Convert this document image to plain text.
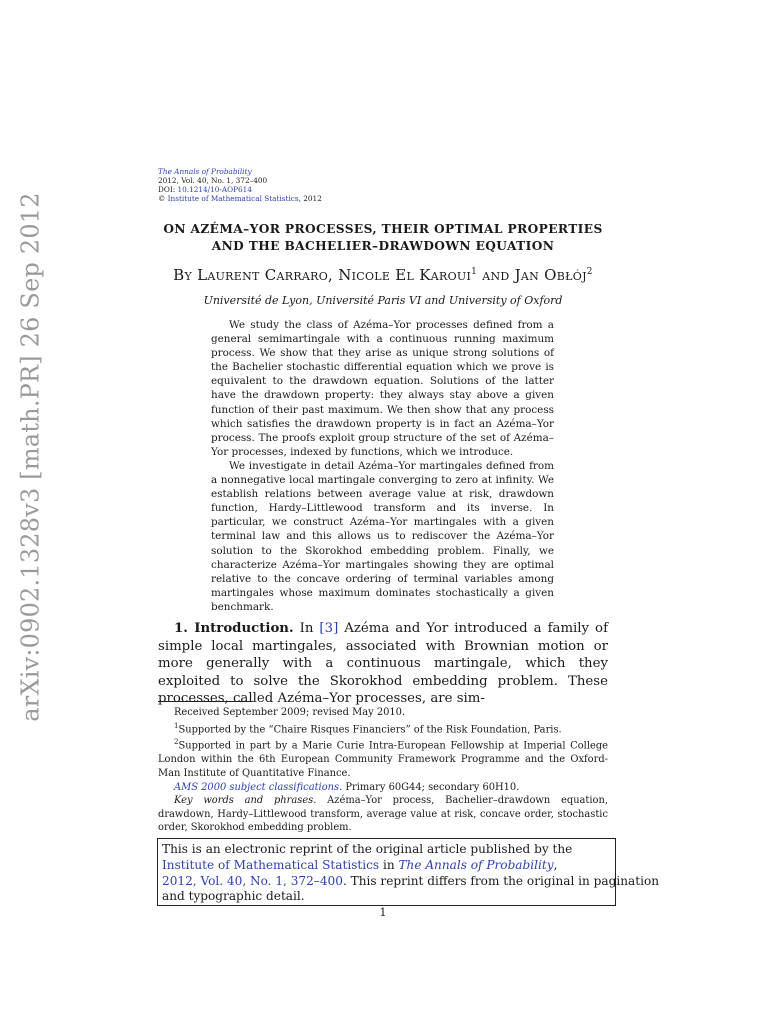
arXiv:0902.1328v3 [math.PR] 26 Sep 2012
The Annals of Probability
2012, Vol. 40, No. 1, 372–400
DOI: 10.1214/10-AOP614
© Institute of Mathematical Statistics, 2012
ON AZÉMA–YOR PROCESSES, THEIR OPTIMAL PROPERTIES
AND THE BACHELIER–DRAWDOWN EQUATION
By Laurent Carraro, Nicole El Karoui$^1$ and Jan Obłój$^2$
Université de Lyon, Université Paris VI and University of Oxford

We study the class of Azéma–Yor processes defined from a general semimartingale with a continuous running maximum process. We show that they arise as unique strong solutions of the Bachelier stochastic differential equation which we prove is equivalent to the drawdown equation. Solutions of the latter have the drawdown property: they always stay above a given function of their past maximum. We then show that any process which satisfies the drawdown property is in fact an Azéma–Yor process. The proofs exploit group structure of the set of Azéma–Yor processes, indexed by functions, which we introduce.

We investigate in detail Azéma–Yor martingales defined from a nonnegative local martingale converging to zero at infinity. We establish relations between average value at risk, drawdown function, Hardy–Littlewood transform and its inverse. In particular, we construct Azéma–Yor martingales with a given terminal law and this allows us to rediscover the Azéma–Yor solution to the Skorokhod embedding problem. Finally, we characterize Azéma–Yor martingales showing they are optimal relative to the concave ordering of terminal variables among martingales whose maximum dominates stochastically a given benchmark.

1. Introduction. In [3] Azéma and Yor introduced a family of simple local martingales, associated with Brownian motion or more generally with a continuous martingale, which they exploited to solve the Skorokhod embedding problem. These processes, called Azéma–Yor processes, are sim-

Received September 2009; revised May 2010.

$^1$Supported by the “Chaire Risques Financiers” of the Risk Foundation, Paris.

$^2$Supported in part by a Marie Curie Intra-European Fellowship at Imperial College London within the 6th European Community Framework Programme and the Oxford-Man Institute of Quantitative Finance.

AMS 2000 subject classifications. Primary 60G44; secondary 60H10.

Key words and phrases. Azéma–Yor process, Bachelier–drawdown equation, drawdown, Hardy–Littlewood transform, average value at risk, concave order, stochastic order, Skorokhod embedding problem.

This is an electronic reprint of the original article published by the
Institute of Mathematical Statistics in The Annals of Probability,
2012, Vol. 40, No. 1, 372–400. This reprint differs from the original in pagination
and typographic detail.
1
